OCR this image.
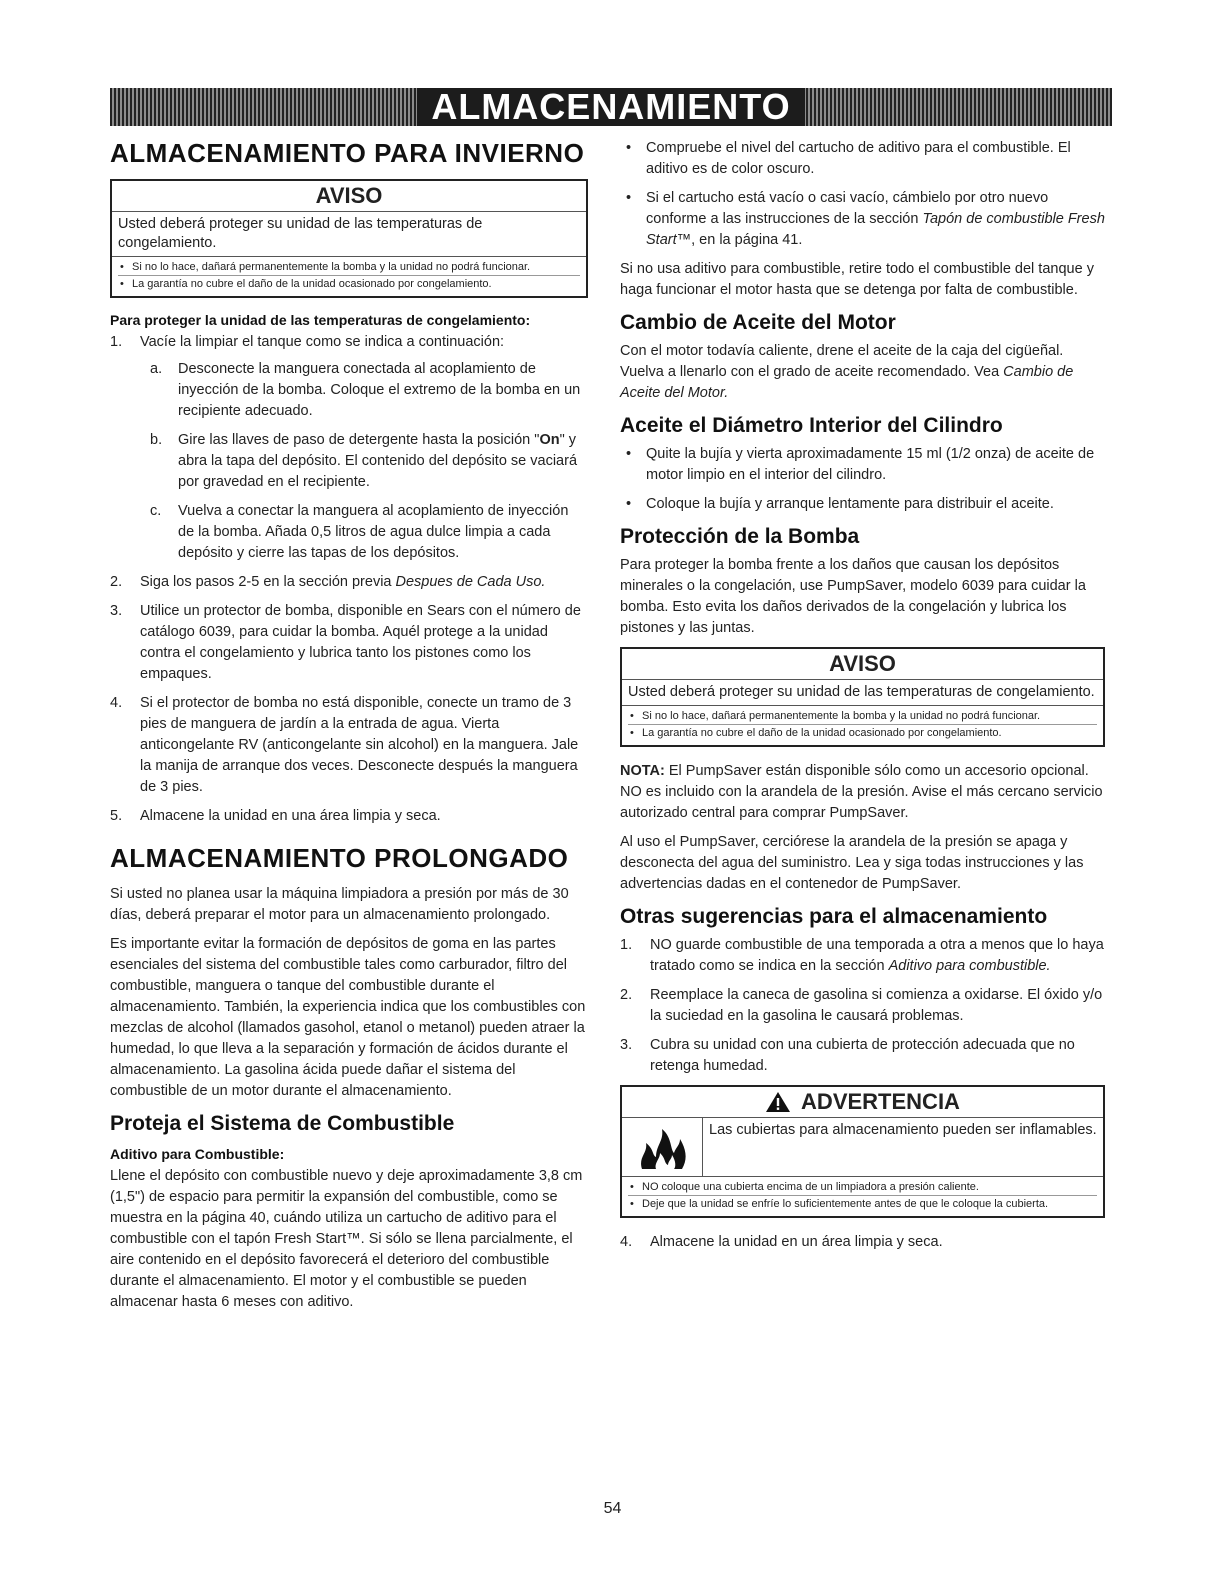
ALMACENAMIENTO
ALMACENAMIENTO PARA INVIERNO
AVISO
Usted deberá proteger su unidad de las temperaturas de congelamiento.
• Si no lo hace, dañará permanentemente la bomba y la unidad no podrá funcionar.
• La garantía no cubre el daño de la unidad ocasionado por congelamiento.
Para proteger la unidad de las temperaturas de congelamiento:
1. Vacíe la limpiar el tanque como se indica a continuación:
a. Desconecte la manguera conectada al acoplamiento de inyección de la bomba. Coloque el extremo de la bomba en un recipiente adecuado.
b. Gire las llaves de paso de detergente hasta la posición "On" y abra la tapa del depósito. El contenido del depósito se vaciará por gravedad en el recipiente.
c. Vuelva a conectar la manguera al acoplamiento de inyección de la bomba. Añada 0,5 litros de agua dulce limpia a cada depósito y cierre las tapas de los depósitos.
2. Siga los pasos 2-5 en la sección previa Despues de Cada Uso.
3. Utilice un protector de bomba, disponible en Sears con el número de catálogo 6039, para cuidar la bomba. Aquél protege a la unidad contra el congelamiento y lubrica tanto los pistones como los empaques.
4. Si el protector de bomba no está disponible, conecte un tramo de 3 pies de manguera de jardín a la entrada de agua. Vierta anticongelante RV (anticongelante sin alcohol) en la manguera. Jale la manija de arranque dos veces. Desconecte después la manguera de 3 pies.
5. Almacene la unidad en una área limpia y seca.
ALMACENAMIENTO PROLONGADO

Si usted no planea usar la máquina limpiadora a presión por más de 30 días, deberá preparar el motor para un almacenamiento prolongado.

Es importante evitar la formación de depósitos de goma en las partes esenciales del sistema del combustible tales como carburador, filtro del combustible, manguera o tanque del combustible durante el almacenamiento. También, la experiencia indica que los combustibles con mezclas de alcohol (llamados gasohol, etanol o metanol) pueden atraer la humedad, lo que lleva a la separación y formación de ácidos durante el almacenamiento. La gasolina ácida puede dañar el sistema del combustible de un motor durante el almacenamiento.

Proteja el Sistema de Combustible
Aditivo para Combustible:

Llene el depósito con combustible nuevo y deje aproximadamente 3,8 cm (1,5") de espacio para permitir la expansión del combustible, como se muestra en la página 40, cuándo utiliza un cartucho de aditivo para el combustible con el tapón Fresh Start™. Si sólo se llena parcialmente, el aire contenido en el depósito favorecerá el deterioro del combustible durante el almacenamiento. El motor y el combustible se pueden almacenar hasta 6 meses con aditivo.

• Compruebe el nivel del cartucho de aditivo para el combustible. El aditivo es de color oscuro.
• Si el cartucho está vacío o casi vacío, cámbielo por otro nuevo conforme a las instrucciones de la sección Tapón de combustible Fresh Start™, en la página 41.

Si no usa aditivo para combustible, retire todo el combustible del tanque y haga funcionar el motor hasta que se detenga por falta de combustible.

Cambio de Aceite del Motor

Con el motor todavía caliente, drene el aceite de la caja del cigüeñal. Vuelva a llenarlo con el grado de aceite recomendado. Vea Cambio de Aceite del Motor.

Aceite el Diámetro Interior del Cilindro
• Quite la bujía y vierta aproximadamente 15 ml (1/2 onza) de aceite de motor limpio en el interior del cilindro.
• Coloque la bujía y arranque lentamente para distribuir el aceite.
Protección de la Bomba

Para proteger la bomba frente a los daños que causan los depósitos minerales o la congelación, use PumpSaver, modelo 6039 para cuidar la bomba. Esto evita los daños derivados de la congelación y lubrica los pistones y las juntas.

AVISO
Usted deberá proteger su unidad de las temperaturas de congelamiento.
• Si no lo hace, dañará permanentemente la bomba y la unidad no podrá funcionar.
• La garantía no cubre el daño de la unidad ocasionado por congelamiento.

NOTA: El PumpSaver están disponible sólo como un accesorio opcional. NO es incluido con la arandela de la presión. Avise el más cercano servicio autorizado central para comprar PumpSaver.

Al uso el PumpSaver, cerciórese la arandela de la presión se apaga y desconecta del agua del suministro. Lea y siga todas instrucciones y las advertencias dadas en el contenedor de PumpSaver.

Otras sugerencias para el almacenamiento
1. NO guarde combustible de una temporada a otra a menos que lo haya tratado como se indica en la sección Aditivo para combustible.
2. Reemplace la caneca de gasolina si comienza a oxidarse. El óxido y/o la suciedad en la gasolina le causará problemas.
3. Cubra su unidad con una cubierta de protección adecuada que no retenga humedad.
ADVERTENCIA
Las cubiertas para almacenamiento pueden ser inflamables.
• NO coloque una cubierta encima de un limpiadora a presión caliente.
• Deje que la unidad se enfríe lo suficientemente antes de que le coloque la cubierta.
4. Almacene la unidad en un área limpia y seca.
54
